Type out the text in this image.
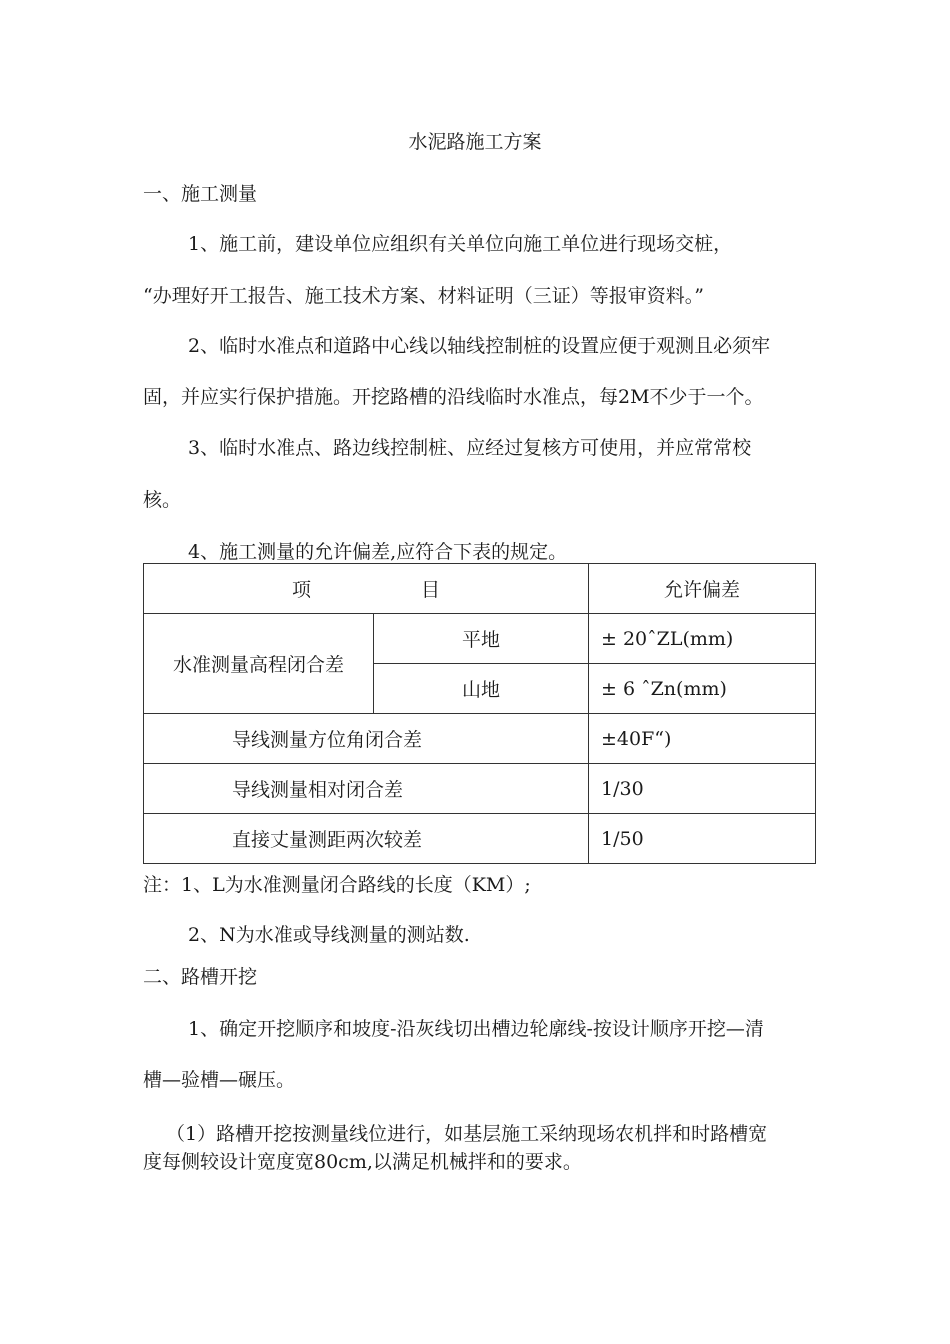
水泥路施工方案
一、施工测量
1、施工前，建设单位应组织有关单位向施工单位进行现场交桩，
“办理好开工报告、施工技术方案、材料证明（三证）等报审资料。”
2、临时水准点和道路中心线以轴线控制桩的设置应便于观测且必须牢
固，并应实行保护措施。开挖路槽的沿线临时水准点，每2M不少于一个。
3、临时水准点、路边线控制桩、应经过复核方可使用，并应常常校
核。
4、施工测量的允许偏差,应符合下表的规定。
项 目		允许偏差
水准测量高程闭合差	平地	± 20ˆZL(mm)
	山地	± 6 ˆZn(mm)
导线测量方位角闭合差		±40F“)
导线测量相对闭合差		1/30
直接丈量测距两次较差		1/50
注：1、L为水准测量闭合路线的长度（KM）;
2、N为水准或导线测量的测站数.
二、路槽开挖
1、确定开挖顺序和坡度-沿灰线切出槽边轮廓线-按设计顺序开挖—清
槽—验槽—碾压。
（1）路槽开挖按测量线位进行，如基层施工采纳现场农机拌和时路槽宽
度每侧较设计宽度宽80cm,以满足机械拌和的要求。
